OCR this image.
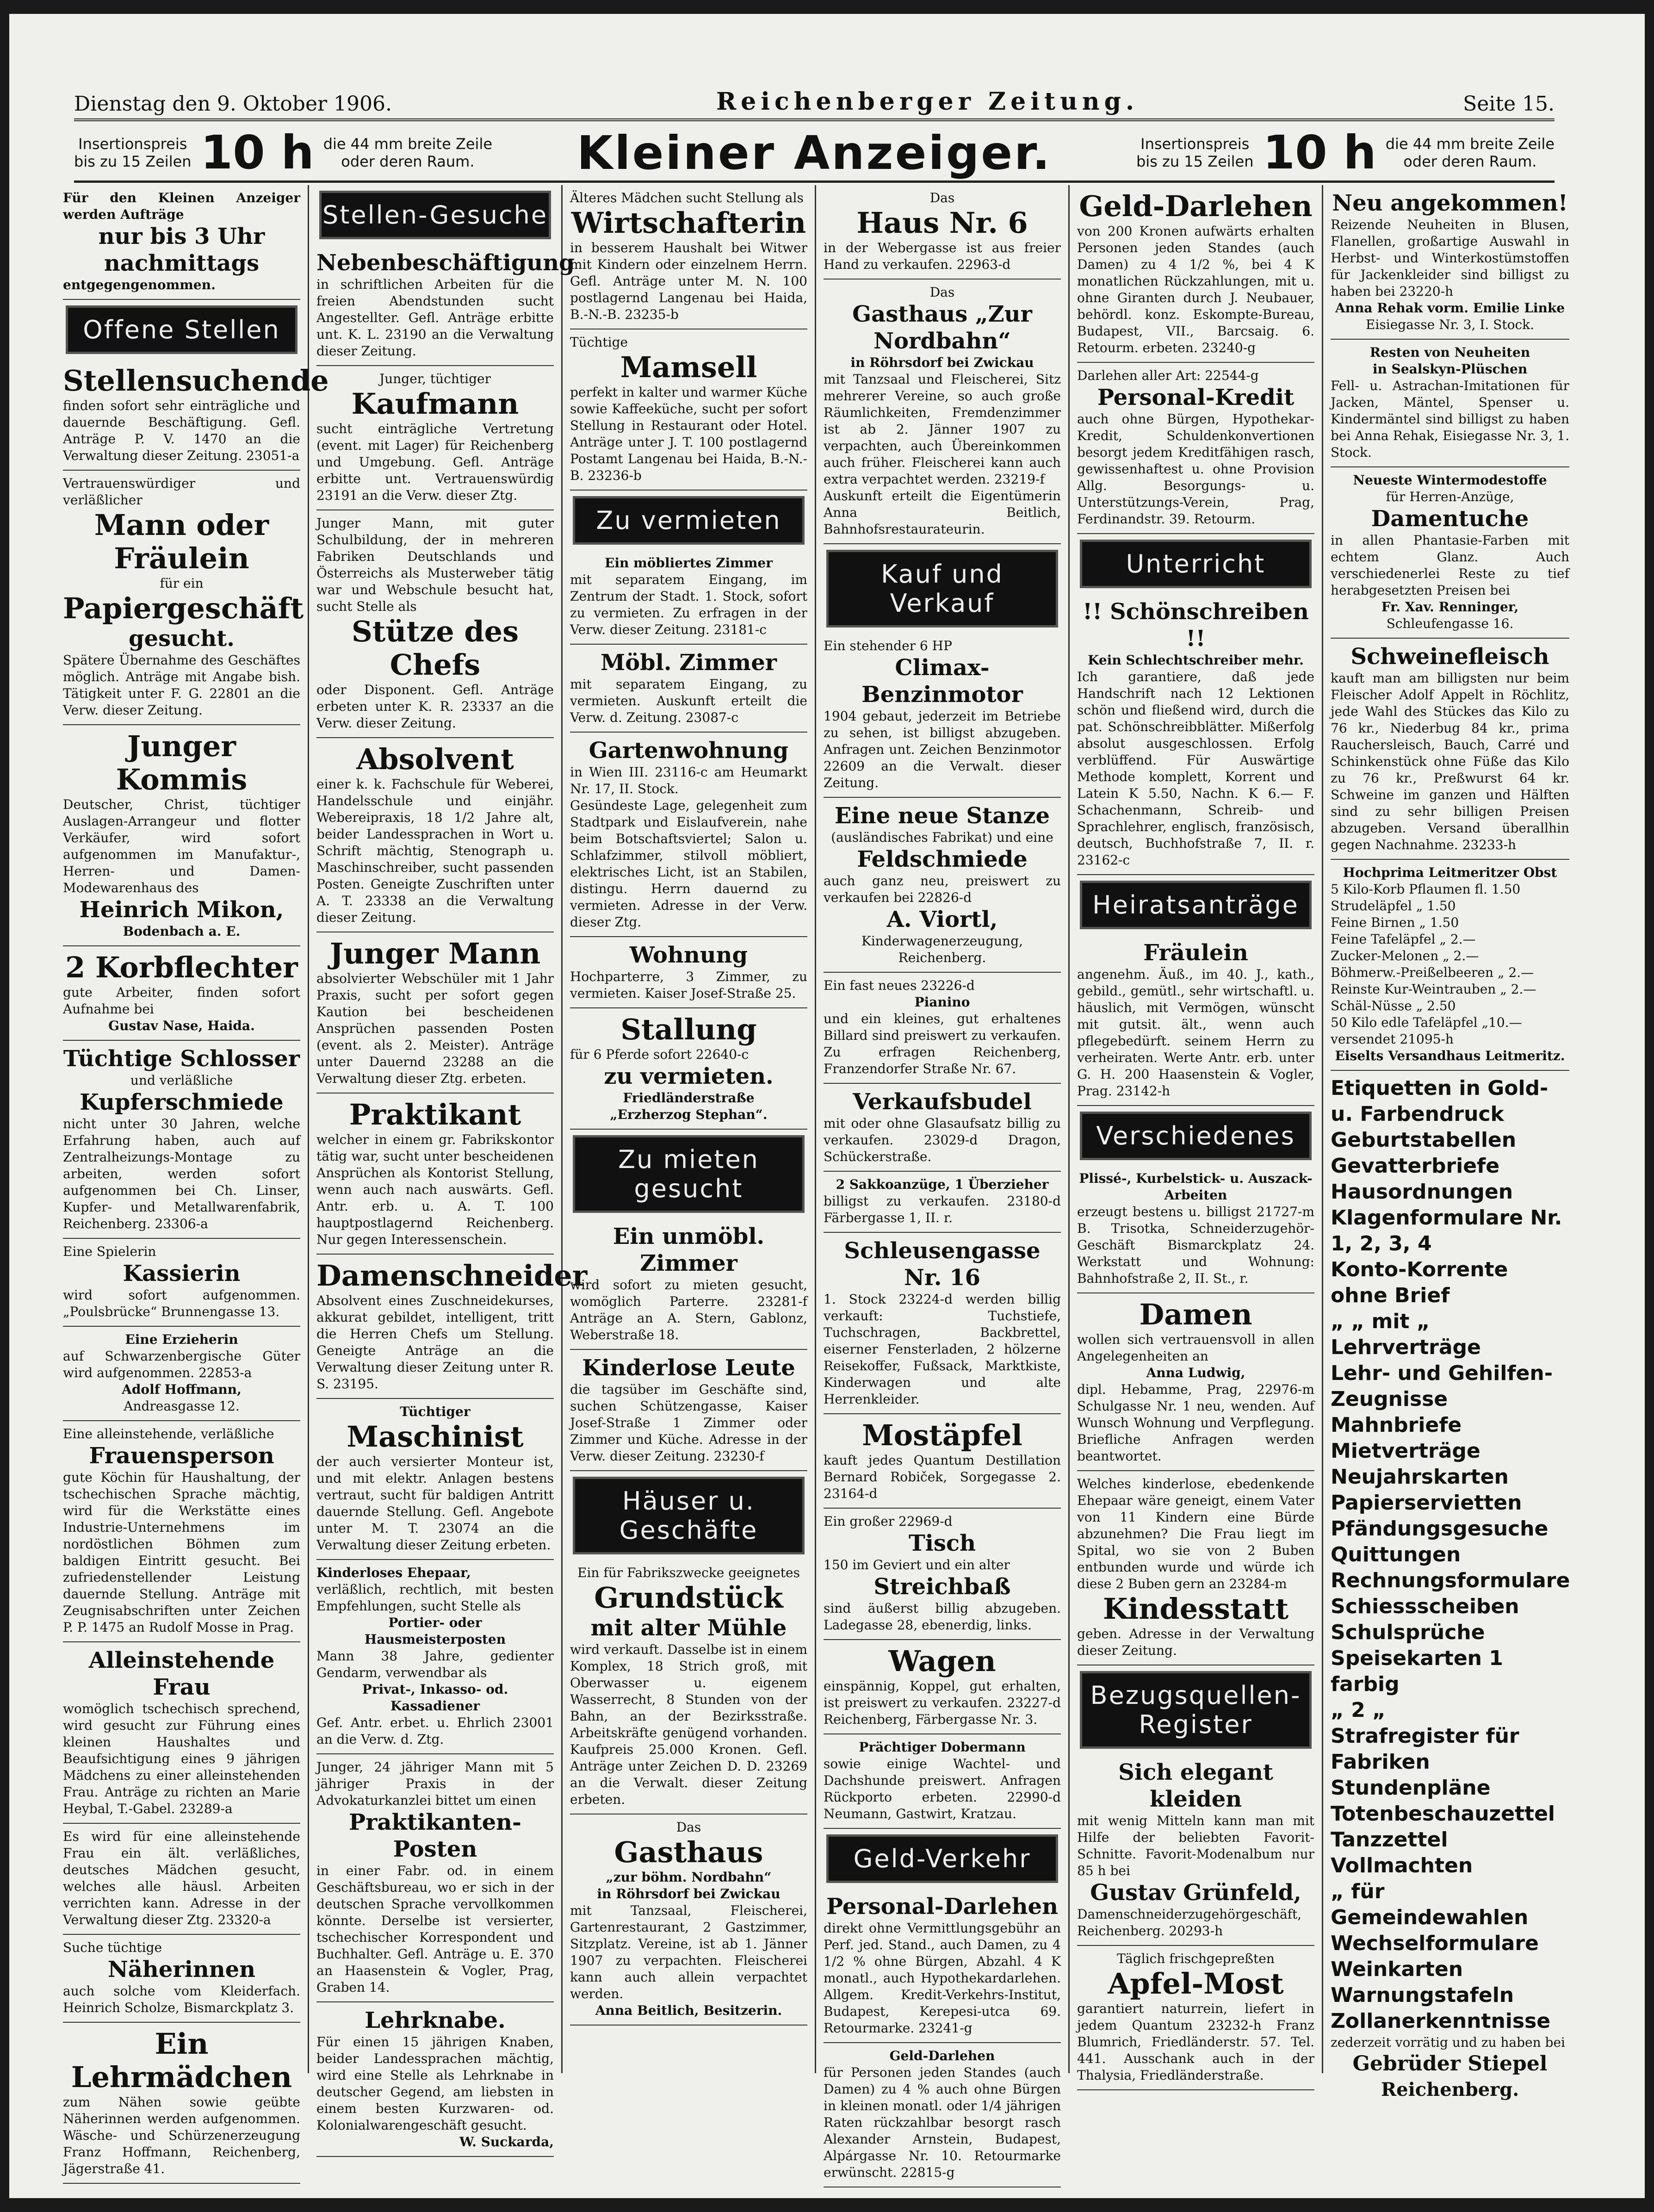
Dienstag den 9. Oktober 1906.	Reichenberger Zeitung.	Seite 15.
Insertionspreis
bis zu 15 Zeilen 10 h die 44 mm breite Zeile
oder deren Raum.	Kleiner Anzeiger.	Insertionspreis
bis zu 15 Zeilen 10 h die 44 mm breite Zeile
oder deren Raum.
Für den Kleinen Anzeiger werden Aufträge
nur bis 3 Uhr nachmittags
entgegengenommen.
Offene Stellen
Stellensuchende
finden sofort sehr einträgliche und dauernde Beschäftigung. Gefl. Anträge P. V. 1470 an die Verwaltung dieser Zeitung. 23051-a
Vertrauenswürdiger und verläßlicher
Mann oder Fräulein
für ein
Papiergeschäft
gesucht.
Spätere Übernahme des Geschäftes möglich. Anträge mit Angabe bish. Tätigkeit unter F. G. 22801 an die Verw. dieser Zeitung.
Junger Kommis
Deutscher, Christ, tüchtiger Auslagen-Arrangeur und flotter Verkäufer, wird sofort aufgenommen im Manufaktur-, Herren- und Damen-Modewarenhaus des
Heinrich Mikon,
Bodenbach a. E.
2 Korbflechter
gute Arbeiter, finden sofort Aufnahme bei
Gustav Nase, Haida.
Tüchtige Schlosser
und verläßliche
Kupferschmiede
nicht unter 30 Jahren, welche Erfahrung haben, auch auf Zentralheizungs-Montage zu arbeiten, werden sofort aufgenommen bei Ch. Linser, Kupfer- und Metallwarenfabrik, Reichenberg. 23306-a
Eine Spielerin
Kassierin
wird sofort aufgenommen. „Poulsbrücke“ Brunnengasse 13.
Eine Erzieherin
auf Schwarzenbergische Güter wird aufgenommen. 22853-a
Adolf Hoffmann,
Andreasgasse 12.
Eine alleinstehende, verläßliche
Frauensperson
gute Köchin für Haushaltung, der tschechischen Sprache mächtig, wird für die Werkstätte eines Industrie-Unternehmens im nordöstlichen Böhmen zum baldigen Eintritt gesucht. Bei zufriedenstellender Leistung dauernde Stellung. Anträge mit Zeugnisabschriften unter Zeichen P. P. 1475 an Rudolf Mosse in Prag.
Alleinstehende Frau
womöglich tschechisch sprechend, wird gesucht zur Führung eines kleinen Haushaltes und Beaufsichtigung eines 9 jährigen Mädchens zu einer alleinstehenden Frau. Anträge zu richten an Marie Heybal, T.-Gabel. 23289-a
Es wird für eine alleinstehende Frau ein ält. verläßliches, deutsches Mädchen gesucht, welches alle häusl. Arbeiten verrichten kann. Adresse in der Verwaltung dieser Ztg. 23320-a
Suche tüchtige
Näherinnen
auch solche vom Kleiderfach. Heinrich Scholze, Bismarckplatz 3.
Ein Lehrmädchen
zum Nähen sowie geübte Näherinnen werden aufgenommen. Wäsche- und Schürzenerzeugung Franz Hoffmann, Reichenberg, Jägerstraße 41.
Stellen-Gesuche
Nebenbeschäftigung
in schriftlichen Arbeiten für die freien Abendstunden sucht Angestellter. Gefl. Anträge erbitte unt. K. L. 23190 an die Verwaltung dieser Zeitung.
Junger, tüchtiger
Kaufmann
sucht einträgliche Vertretung (event. mit Lager) für Reichenberg und Umgebung. Gefl. Anträge erbitte unt. Vertrauenswürdig 23191 an die Verw. dieser Ztg.
Junger Mann, mit guter Schulbildung, der in mehreren Fabriken Deutschlands und Österreichs als Musterweber tätig war und Webschule besucht hat, sucht Stelle als
Stütze des Chefs
oder Disponent. Gefl. Anträge erbeten unter K. R. 23337 an die Verw. dieser Zeitung.
Absolvent
einer k. k. Fachschule für Weberei, Handelsschule und einjähr. Webereipraxis, 18 1/2 Jahre alt, beider Landessprachen in Wort u. Schrift mächtig, Stenograph u. Maschinschreiber, sucht passenden Posten. Geneigte Zuschriften unter A. T. 23338 an die Verwaltung dieser Zeitung.
Junger Mann
absolvierter Webschüler mit 1 Jahr Praxis, sucht per sofort gegen Kaution bei bescheidenen Ansprüchen passenden Posten (event. als 2. Meister). Anträge unter Dauernd 23288 an die Verwaltung dieser Ztg. erbeten.
Praktikant
welcher in einem gr. Fabrikskontor tätig war, sucht unter bescheidenen Ansprüchen als Kontorist Stellung, wenn auch nach auswärts. Gefl. Antr. erb. u. A. T. 100 hauptpostlagernd Reichenberg. Nur gegen Interessenschein.
Damenschneider
Absolvent eines Zuschneidekurses, akkurat gebildet, intelligent, tritt die Herren Chefs um Stellung. Geneigte Anträge an die Verwaltung dieser Zeitung unter R. S. 23195.
Tüchtiger
Maschinist
der auch versierter Monteur ist, und mit elektr. Anlagen bestens vertraut, sucht für baldigen Antritt dauernde Stellung. Gefl. Angebote unter M. T. 23074 an die Verwaltung dieser Zeitung erbeten.
Kinderloses Ehepaar,
verläßlich, rechtlich, mit besten Empfehlungen, sucht Stelle als
Portier- oder Hausmeisterposten
Mann 38 Jahre, gedienter Gendarm, verwendbar als
Privat-, Inkasso- od. Kassadiener
Gef. Antr. erbet. u. Ehrlich 23001 an die Verw. d. Ztg.
Junger, 24 jähriger Mann mit 5 jähriger Praxis in der Advokaturkanzlei bittet um einen
Praktikanten-Posten
in einer Fabr. od. in einem Geschäftsbureau, wo er sich in der deutschen Sprache vervollkommen könnte. Derselbe ist versierter, tschechischer Korrespondent und Buchhalter. Gefl. Anträge u. E. 370 an Haasenstein & Vogler, Prag, Graben 14.
Lehrknabe.
Für einen 15 jährigen Knaben, beider Landessprachen mächtig, wird eine Stelle als Lehrknabe in deutscher Gegend, am liebsten in einem besten Kurzwaren- od. Kolonialwarengeschäft gesucht.
W. Suckarda,
Älteres Mädchen sucht Stellung als
Wirtschafterin
in besserem Haushalt bei Witwer mit Kindern oder einzelnem Herrn. Gefl. Anträge unter M. N. 100 postlagernd Langenau bei Haida, B.-N.-B. 23235-b
Tüchtige
Mamsell
perfekt in kalter und warmer Küche sowie Kaffeeküche, sucht per sofort Stellung in Restaurant oder Hotel. Anträge unter J. T. 100 postlagernd Postamt Langenau bei Haida, B.-N.-B. 23236-b
Zu vermieten
Ein möbliertes Zimmer
mit separatem Eingang, im Zentrum der Stadt. 1. Stock, sofort zu vermieten. Zu erfragen in der Verw. dieser Zeitung. 23181-c
Möbl. Zimmer
mit separatem Eingang, zu vermieten. Auskunft erteilt die Verw. d. Zeitung. 23087-c
Gartenwohnung
in Wien III. 23116-c am Heumarkt Nr. 17, II. Stock.
Gesündeste Lage, gelegenheit zum Stadtpark und Eislaufverein, nahe beim Botschaftsviertel; Salon u. Schlafzimmer, stilvoll möbliert, elektrisches Licht, ist an Stabilen, distingu. Herrn dauernd zu vermieten. Adresse in der Verw. dieser Ztg.
Wohnung
Hochparterre, 3 Zimmer, zu vermieten. Kaiser Josef-Straße 25.
Stallung
für 6 Pferde sofort 22640-c
zu vermieten.
Friedländerstraße
„Erzherzog Stephan“.
Zu mieten gesucht
Ein unmöbl. Zimmer
wird sofort zu mieten gesucht, womöglich Parterre. 23281-f Anträge an A. Stern, Gablonz, Weberstraße 18.
Kinderlose Leute
die tagsüber im Geschäfte sind, suchen Schützengasse, Kaiser Josef-Straße 1 Zimmer oder Zimmer und Küche. Adresse in der Verw. dieser Zeitung. 23230-f
Häuser u. Geschäfte
Ein für Fabrikszwecke geeignetes
Grundstück
mit alter Mühle
wird verkauft. Dasselbe ist in einem Komplex, 18 Strich groß, mit Oberwasser u. eigenem Wasserrecht, 8 Stunden von der Bahn, an der Bezirksstraße. Arbeitskräfte genügend vorhanden. Kaufpreis 25.000 Kronen. Gefl. Anträge unter Zeichen D. D. 23269 an die Verwalt. dieser Zeitung erbeten.
Das
Gasthaus
„zur böhm. Nordbahn“
in Röhrsdorf bei Zwickau
mit Tanzsaal, Fleischerei, Gartenrestaurant, 2 Gastzimmer, Sitzplatz. Vereine, ist ab 1. Jänner 1907 zu verpachten. Fleischerei kann auch allein verpachtet werden.
Anna Beitlich, Besitzerin.
Das
Haus Nr. 6
in der Webergasse ist aus freier Hand zu verkaufen. 22963-d
Das
Gasthaus „Zur Nordbahn“
in Röhrsdorf bei Zwickau
mit Tanzsaal und Fleischerei, Sitz mehrerer Vereine, so auch große Räumlichkeiten, Fremdenzimmer ist ab 2. Jänner 1907 zu verpachten, auch Übereinkommen auch früher. Fleischerei kann auch extra verpachtet werden. 23219-f
Auskunft erteilt die Eigentümerin Anna Beitlich, Bahnhofsrestaurateurin.
Kauf und Verkauf
Ein stehender 6 HP
Climax-Benzinmotor
1904 gebaut, jederzeit im Betriebe zu sehen, ist billigst abzugeben. Anfragen unt. Zeichen Benzinmotor 22609 an die Verwalt. dieser Zeitung.
Eine neue Stanze
(ausländisches Fabrikat) und eine
Feldschmiede
auch ganz neu, preiswert zu verkaufen bei 22826-d
A. Viortl,
Kinderwagenerzeugung, Reichenberg.
Ein fast neues 23226-d
Pianino
und ein kleines, gut erhaltenes Billard sind preiswert zu verkaufen. Zu erfragen Reichenberg, Franzendorfer Straße Nr. 67.
Verkaufsbudel
mit oder ohne Glasaufsatz billig zu verkaufen. 23029-d Dragon, Schückerstraße.
2 Sakkoanzüge, 1 Überzieher
billigst zu verkaufen. 23180-d Färbergasse 1, II. r.
Schleusengasse Nr. 16
1. Stock 23224-d werden billig verkauft: Tuchstiefe, Tuchschragen, Backbrettel, eiserner Fensterladen, 2 hölzerne Reisekoffer, Fußsack, Marktkiste, Kinderwagen und alte Herrenkleider.
Mostäpfel
kauft jedes Quantum Destillation Bernard Robiček, Sorgegasse 2. 23164-d
Ein großer 22969-d
Tisch
150 im Geviert und ein alter
Streichbaß
sind äußerst billig abzugeben. Ladegasse 28, ebenerdig, links.
Wagen
einspännig, Koppel, gut erhalten, ist preiswert zu verkaufen. 23227-d Reichenberg, Färbergasse Nr. 3.
Prächtiger Dobermann
sowie einige Wachtel- und Dachshunde preiswert. Anfragen Rückporto erbeten. 22990-d Neumann, Gastwirt, Kratzau.
Geld-Verkehr
Personal-Darlehen
direkt ohne Vermittlungsgebühr an Perf. jed. Stand., auch Damen, zu 4 1/2 % ohne Bürgen, Abzahl. 4 K monatl., auch Hypothekardarlehen. Allgem. Kredit-Verkehrs-Institut, Budapest, Kerepesi-utca 69. Retourmarke. 23241-g
Geld-Darlehen
für Personen jeden Standes (auch Damen) zu 4 % auch ohne Bürgen in kleinen monatl. oder 1/4 jährigen Raten rückzahlbar besorgt rasch Alexander Arnstein, Budapest, Alpárgasse Nr. 10. Retourmarke erwünscht. 22815-g
Geld-Darlehen
von 200 Kronen aufwärts erhalten Personen jeden Standes (auch Damen) zu 4 1/2 %, bei 4 K monatlichen Rückzahlungen, mit u. ohne Giranten durch J. Neubauer, behördl. konz. Eskompte-Bureau, Budapest, VII., Barcsaig. 6. Retourm. erbeten. 23240-g
Darlehen aller Art: 22544-g
Personal-Kredit
auch ohne Bürgen, Hypothekar-Kredit, Schuldenkonvertionen besorgt jedem Kreditfähigen rasch, gewissenhaftest u. ohne Provision Allg. Besorgungs- u. Unterstützungs-Verein, Prag, Ferdinandstr. 39. Retourm.
Unterricht
!! Schönschreiben !!
Kein Schlechtschreiber mehr.
Ich garantiere, daß jede Handschrift nach 12 Lektionen schön und fließend wird, durch die pat. Schönschreibblätter. Mißerfolg absolut ausgeschlossen. Erfolg verblüffend. Für Auswärtige Methode komplett, Korrent und Latein K 5.50, Nachn. K 6.— F. Schachenmann, Schreib- und Sprachlehrer, englisch, französisch, deutsch, Buchhofstraße 7, II. r. 23162-c
Heiratsanträge
Fräulein
angenehm. Äuß., im 40. J., kath., gebild., gemütl., sehr wirtschaftl. u. häuslich, mit Vermögen, wünscht mit gutsit. ält., wenn auch pflegebedürft. seinem Herrn zu verheiraten. Werte Antr. erb. unter G. H. 200 Haasenstein & Vogler, Prag. 23142-h
Verschiedenes
Plissé-, Kurbelstick- u. Auszack-Arbeiten
erzeugt bestens u. billigst 21727-m B. Trisotka, Schneiderzugehör-Geschäft Bismarckplatz 24. Werkstatt und Wohnung: Bahnhofstraße 2, II. St., r.
Damen
wollen sich vertrauensvoll in allen Angelegenheiten an
Anna Ludwig,
dipl. Hebamme, Prag, 22976-m Schulgasse Nr. 1 neu, wenden. Auf Wunsch Wohnung und Verpflegung. Briefliche Anfragen werden beantwortet.
Welches kinderlose, ebedenkende Ehepaar wäre geneigt, einem Vater von 11 Kindern eine Bürde abzunehmen? Die Frau liegt im Spital, wo sie von 2 Buben entbunden wurde und würde ich diese 2 Buben gern an 23284-m
Kindesstatt
geben. Adresse in der Verwaltung dieser Zeitung.
Bezugsquellen-Register
Sich elegant kleiden
mit wenig Mitteln kann man mit Hilfe der beliebten Favorit-Schnitte. Favorit-Modenalbum nur 85 h bei
Gustav Grünfeld,
Damenschneiderzugehörgeschäft, Reichenberg. 20293-h
Täglich frischgepreßten
Apfel-Most
garantiert naturrein, liefert in jedem Quantum 23232-h Franz Blumrich, Friedländerstr. 57. Tel. 441. Ausschank auch in der Thalysia, Friedländerstraße.
Neu angekommen!
Reizende Neuheiten in Blusen, Flanellen, großartige Auswahl in Herbst- und Winterkostümstoffen für Jackenkleider sind billigst zu haben bei 23220-h
Anna Rehak vorm. Emilie Linke
Eisiegasse Nr. 3, I. Stock.
Resten von Neuheiten
in Sealskyn-Plüschen
Fell- u. Astrachan-Imitationen für Jacken, Mäntel, Spenser u. Kindermäntel sind billigst zu haben bei Anna Rehak, Eisiegasse Nr. 3, 1. Stock.
Neueste Wintermodestoffe
für Herren-Anzüge,
Damentuche
in allen Phantasie-Farben mit echtem Glanz. Auch verschiedenerlei Reste zu tief herabgesetzten Preisen bei
Fr. Xav. Renninger,
Schleufengasse 16.
Schweinefleisch
kauft man am billigsten nur beim Fleischer Adolf Appelt in Röchlitz, jede Wahl des Stückes das Kilo zu 76 kr., Niederbug 84 kr., prima Rauchersleisch, Bauch, Carré und Schinkenstück ohne Füße das Kilo zu 76 kr., Preßwurst 64 kr. Schweine im ganzen und Hälften sind zu sehr billigen Preisen abzugeben. Versand überallhin gegen Nachnahme. 23233-h
Hochprima Leitmeritzer Obst
5 Kilo-Korb Pflaumen fl. 1.50
Strudeläpfel „ 1.50
Feine Birnen „ 1.50
Feine Tafeläpfel „ 2.—
Zucker-Melonen „ 2.—
Böhmerw.-Preißelbeeren „ 2.—
Reinste Kur-Weintrauben „ 2.—
Schäl-Nüsse „ 2.50
50 Kilo edle Tafeläpfel „10.—
versendet 21095-h
Eiselts Versandhaus Leitmeritz.
Etiquetten in Gold- u. Farbendruck
Geburtstabellen
Gevatterbriefe
Hausordnungen
Klagenformulare Nr. 1, 2, 3, 4
Konto-Korrente ohne Brief
„ „ mit „
Lehrverträge
Lehr- und Gehilfen-Zeugnisse
Mahnbriefe
Mietverträge
Neujahrskarten
Papierservietten
Pfändungsgesuche
Quittungen
Rechnungsformulare
Schiessscheiben
Schulsprüche
Speisekarten 1 farbig
„ 2 „
Strafregister für Fabriken
Stundenpläne
Totenbeschauzettel
Tanzzettel
Vollmachten
„ für Gemeindewahlen
Wechselformulare
Weinkarten
Warnungstafeln
Zollanerkenntnisse
zederzeit vorrätig und zu haben bei
Gebrüder Stiepel
Reichenberg.
